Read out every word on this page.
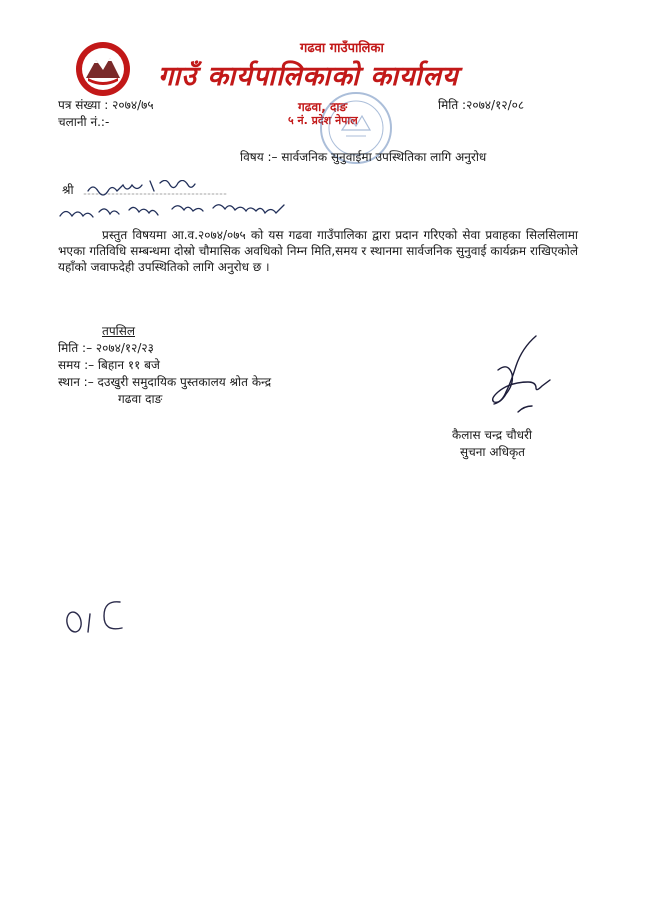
गढवा गाउँपालिका
गाउँ कार्यपालिकाको कार्यालय
गढवा, दाङ
५ नं. प्रदेश नेपाल
पत्र संख्या : २०७४/७५
चलानी नं.:-
मिति :२०७४/१२/०८
विषय :– सार्वजनिक सुनुवाईमा उपस्थितिका लागि अनुरोध
श्री
प्रस्तुत विषयमा आ.व.२०७४/०७५ को यस गढवा गाउँपालिका द्वारा प्रदान गरिएको सेवा प्रवाहका सिलसिलामा भएका गतिविधि सम्बन्धमा दोस्रो चौमासिक अवधिको निम्न मिति,समय र स्थानमा सार्वजनिक सुनुवाई कार्यक्रम राखिएकोले यहाँको जवाफदेही उपस्थितिको लागि अनुरोध छ ।
तपसिल
मिति :– २०७४/१२/२३
समय :– बिहान ११ बजे
स्थान :– दउखुरी समुदायिक पुस्तकालय श्रोत केन्द्र
गढवा दाङ
कैलास चन्द्र चौधरी
सुचना अधिकृत
